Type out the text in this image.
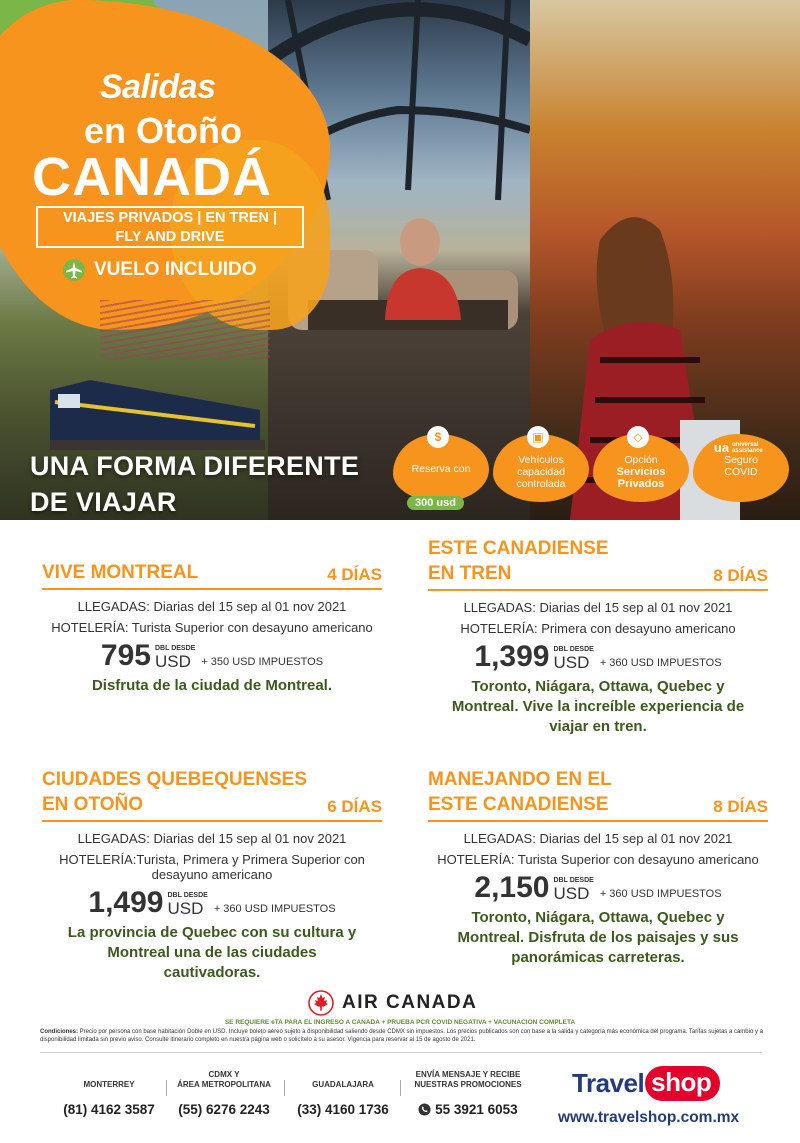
Salidas
en Otoño
CANADÁ
VIAJES PRIVADOS | EN TREN |
FLY AND DRIVE
VUELO INCLUIDO
UNA FORMA DIFERENTE
DE VIAJAR
$
Reserva con
300 usd
▣
Vehículos
capacidad
controlada
◇
Opción
Servicios
Privados
ua universal assistance
Seguro
COVID
VIVE MONTREAL	4 DÍAS
LLEGADAS: Diarias del 15 sep al 01 nov 2021
HOTELERÍA: Turista Superior con desayuno americano
795 DBL DESDE
USD + 350 USD IMPUESTOS
Disfruta de la ciudad de Montreal.
ESTE CANADIENSE
EN TREN	8 DÍAS
LLEGADAS: Diarias del 15 sep al 01 nov 2021
HOTELERÍA: Primera con desayuno americano
1,399 DBL DESDE
USD + 360 USD IMPUESTOS
Toronto, Niágara, Ottawa, Quebec y
Montreal. Vive la increíble experiencia de
viajar en tren.
CIUDADES QUEBEQUENSES
EN OTOÑO	6 DÍAS
LLEGADAS: Diarias del 15 sep al 01 nov 2021
HOTELERÍA:Turista, Primera y Primera Superior con
desayuno americano
1,499 DBL DESDE
USD + 360 USD IMPUESTOS
La provincia de Quebec con su cultura y
Montreal una de las ciudades
cautivadoras.
MANEJANDO EN EL
ESTE CANADIENSE	8 DÍAS
LLEGADAS: Diarias del 15 sep al 01 nov 2021
HOTELERÍA: Turista Superior con desayuno americano
2,150 DBL DESDE
USD + 360 USD IMPUESTOS
Toronto, Niágara, Ottawa, Quebec y
Montreal. Disfruta de los paisajes y sus
panorámicas carreteras.
AIR CANADA
SE REQUIERE eTA PARA EL INGRESO A CANADA + PRUEBA PCR COVID NEGATIVA + VACUNACION COMPLETA
Condiciones: Precio por persona con base habitación Doble en USD. Incluye boleto aéreo sujeto a disponibilidad saliendo desde CDMX sin impuestos. Los precios publicados son con base a la salida y categoría más económica del programa. Tarifas sujetas a cambio y a disponibilidad limitada sin previo aviso. Consulte itinerario completo en nuestra página web o solicítelo a su asesor. Vigencia para reservar al 15 de agosto de 2021.
MONTERREY
(81) 4162 3587
CDMX Y
ÁREA METROPOLITANA
(55) 6276 2243
GUADALAJARA
(33) 4160 1736
ENVÍA MENSAJE Y RECIBE
NUESTRAS PROMOCIONES
55 3921 6053
Travel shop
www.travelshop.com.mx
